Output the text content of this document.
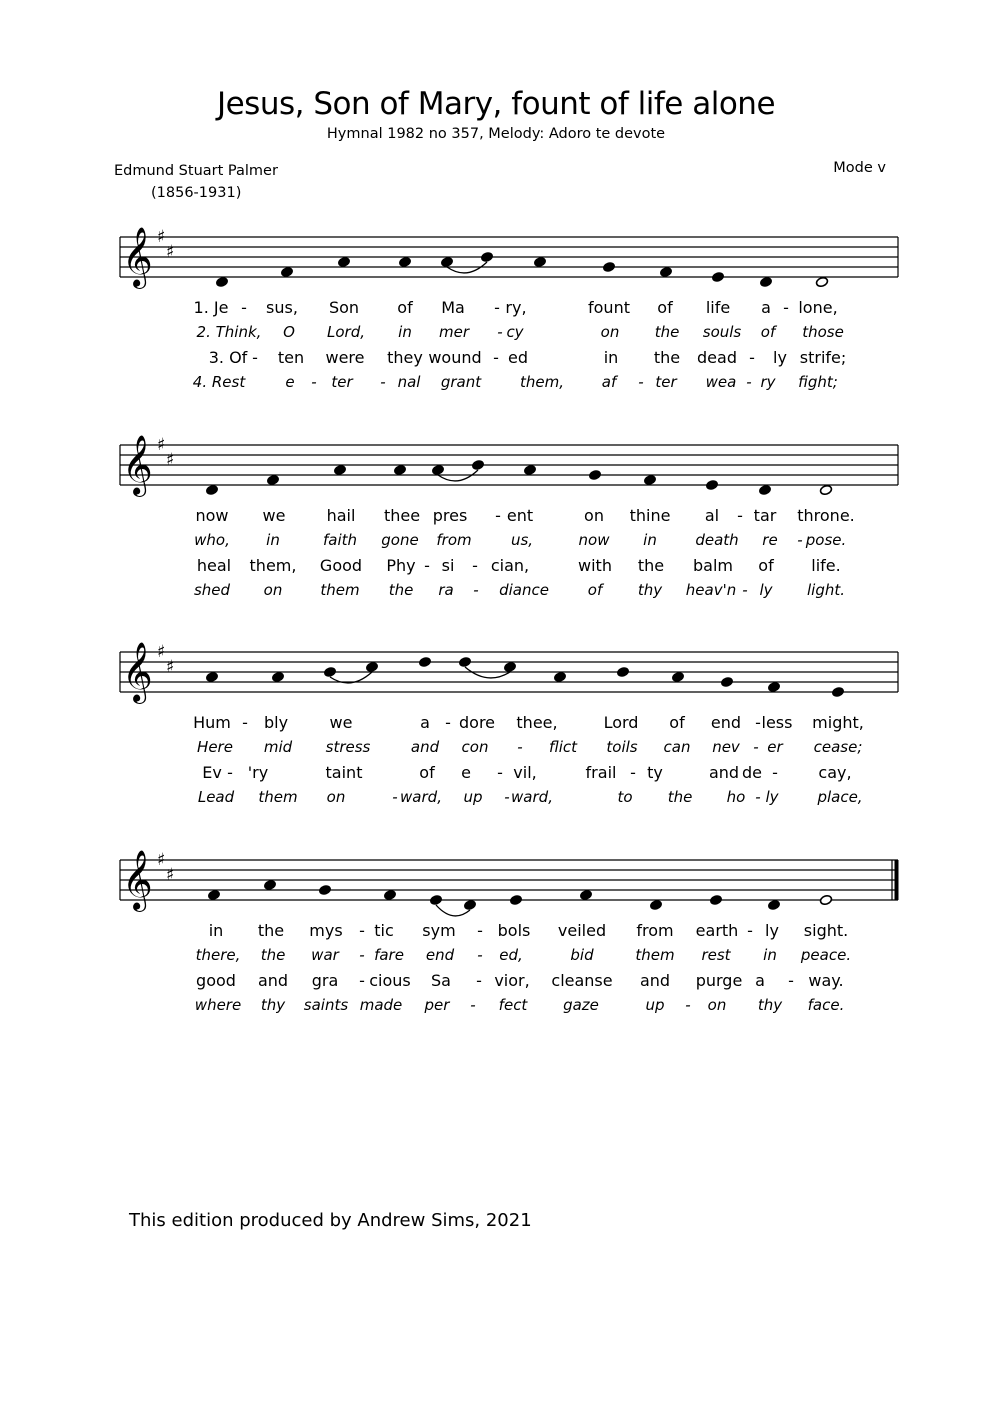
Jesus, Son of Mary, fount of life alone
Hymnal 1982 no 357, Melody: Adoro te devote
Edmund Stuart Palmer
(1856-1931)
Mode v
𝄞 ♯
♯
𝄞 ♯
♯
𝄞 ♯
♯
𝄞 ♯
♯
1. Je - sus, Son of Ma - ry,	fount of life a - lone,
2. Think, O Lord, in mer - cy	on the souls of those
3. Of - ten were they wound - ed	in the dead - ly strife;
4. Rest	e - ter - nal grant	them,	af - ter wea - ry fight;
now we	hail thee pres - ent	on thine al - tar throne.
who, in	faith gone from	us,	now in	death re - pose.
heal them, Good Phy - si - cian,	with the balm of life.
shed on	them the ra - diance	of thy heav'n - ly light.
Hum - bly	we	a - dore thee,	Lord of end - less might,
Here mid stress	and con - flict toils can nev - er cease;
Ev - 'ry	taint	of e - vil,	frail - ty	and de -	cay,
Lead them on	- ward, up - ward,	to the ho - ly	place,
in the mys - tic sym - bols veiled from earth - ly sight.
there, the war - fare end - ed,	bid	them rest in peace.
good and gra - cious Sa - vior, cleanse and purge a - way.
where thy saints made per - fect gaze	up - on thy face.
This edition produced by Andrew Sims, 2021
